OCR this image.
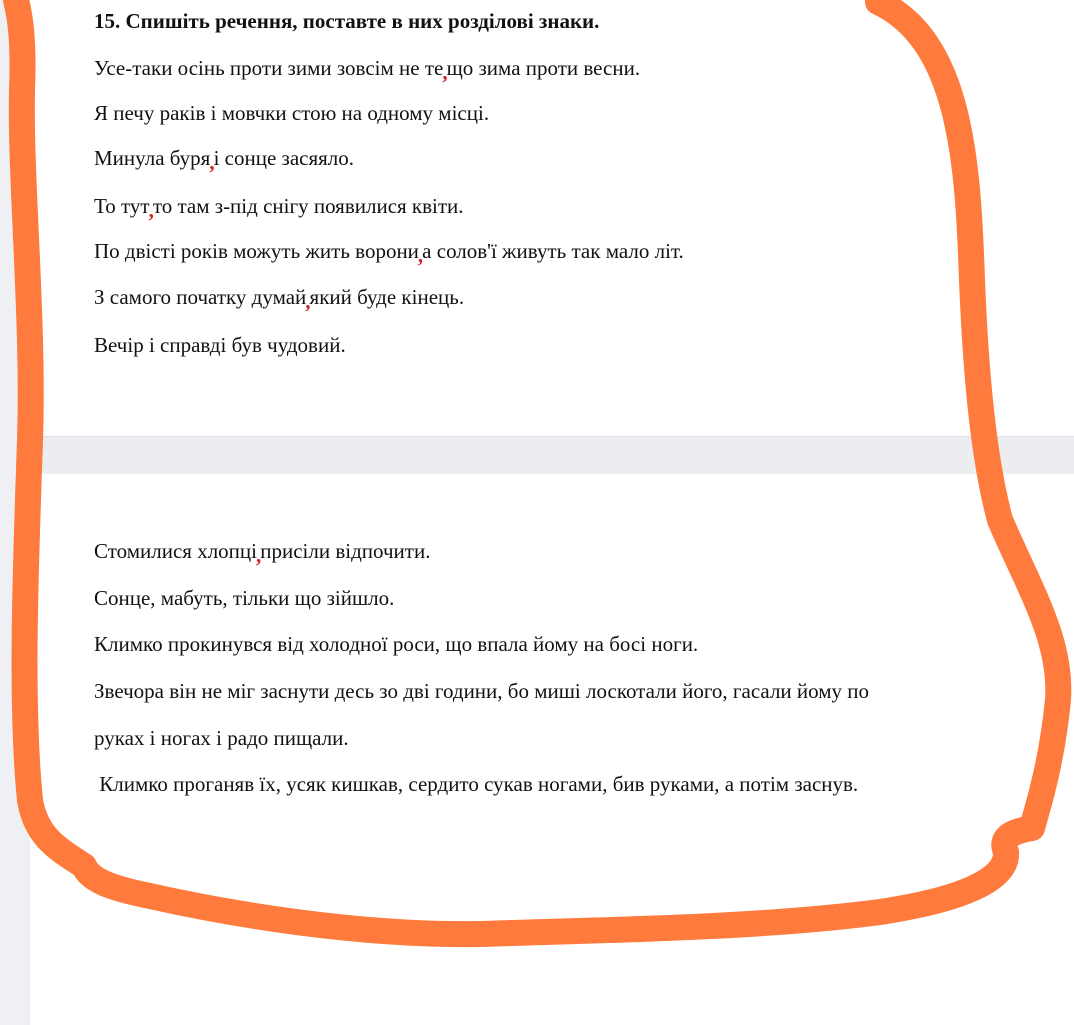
15. Спишіть речення, поставте в них розділові знаки.
Усе-таки осінь проти зими зовсім не те,що зима проти весни.
Я печу раків і мовчки стою на одному місці.
Минула буря,і сонце засяяло.
То тут,то там з-під снігу появилися квіти.
По двісті років можуть жить ворони,а солов'ї живуть так мало літ.
З самого початку думай,який буде кінець.
Вечір і справді був чудовий.
Стомилися хлопці,присіли відпочити.
Сонце, мабуть, тільки що зійшло.
Климко прокинувся від холодної роси, що впала йому на босі ноги.
Звечора він не міг заснути десь зо дві години, бо миші лоскотали його, гасали йому по
руках і ногах і радо пищали.
Климко проганяв їх, усяк кишкав, сердито сукав ногами, бив руками, а потім заснув.
